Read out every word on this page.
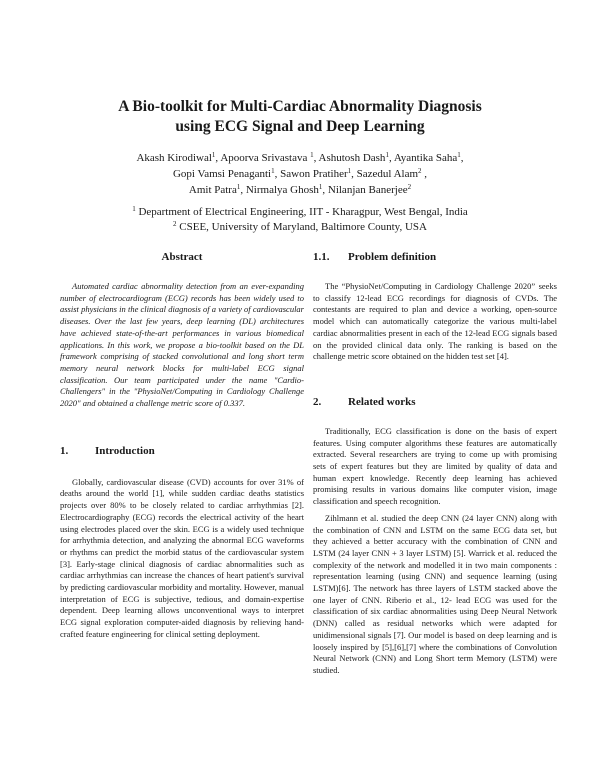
A Bio-toolkit for Multi-Cardiac Abnormality Diagnosis
using ECG Signal and Deep Learning
Akash Kirodiwal$^1$, Apoorva Srivastava $^1$, Ashutosh Dash$^1$, Ayantika Saha$^1$,
Gopi Vamsi Penaganti$^1$, Sawon Pratiher$^1$, Sazedul Alam$^2$ ,
Amit Patra$^1$, Nirmalya Ghosh$^1$, Nilanjan Banerjee$^2$
$^1$ Department of Electrical Engineering, IIT - Kharagpur, West Bengal, India
$^2$ CSEE, University of Maryland, Baltimore County, USA
Abstract
Automated cardiac abnormality detection from an ever-expanding number of electrocardiogram (ECG) records has been widely used to assist physicians in the clinical diagnosis of a variety of cardiovascular diseases. Over the last few years, deep learning (DL) architectures have achieved state-of-the-art performances in various biomedical applications. In this work, we propose a bio-toolkit based on the DL framework comprising of stacked convolutional and long short term memory neural network blocks for multi-label ECG signal classification. Our team participated under the name "Cardio-Challengers" in the "PhysioNet/Computing in Cardiology Challenge 2020" and obtained a challenge metric score of 0.337.
1. Introduction
Globally, cardiovascular disease (CVD) accounts for over 31% of deaths around the world [1], while sudden cardiac deaths statistics projects over 80% to be closely related to cardiac arrhythmias [2]. Electrocardiography (ECG) records the electrical activity of the heart using electrodes placed over the skin. ECG is a widely used technique for arrhythmia detection, and analyzing the abnormal ECG waveforms or rhythms can predict the morbid status of the cardiovascular system [3]. Early-stage clinical diagnosis of cardiac abnormalities such as cardiac arrhythmias can increase the chances of heart patient's survival by predicting cardiovascular morbidity and mortality. However, manual interpretation of ECG is subjective, tedious, and domain-expertise dependent. Deep learning allows unconventional ways to interpret ECG signal exploration computer-aided diagnosis by relieving hand-crafted feature engineering for clinical setting deployment.
1.1. Problem definition
The “PhysioNet/Computing in Cardiology Challenge 2020” seeks to classify 12-lead ECG recordings for diagnosis of CVDs. The contestants are required to plan and device a working, open-source model which can automatically categorize the various multi-label cardiac abnormalities present in each of the 12-lead ECG signals based on the provided clinical data only. The ranking is based on the challenge metric score obtained on the hidden test set [4].
2. Related works
Traditionally, ECG classification is done on the basis of expert features. Using computer algorithms these features are automatically extracted. Several researchers are trying to come up with promising sets of expert features but they are limited by quality of data and human expert knowledge. Recently deep learning has achieved promising results in various domains like computer vision, image classification and speech recognition.
Zihlmann et al. studied the deep CNN (24 layer CNN) along with the combination of CNN and LSTM on the same ECG data set, but they achieved a better accuracy with the combination of CNN and LSTM (24 layer CNN + 3 layer LSTM) [5]. Warrick et al. reduced the complexity of the network and modelled it in two main components : representation learning (using CNN) and sequence learning (using LSTM)[6]. The network has three layers of LSTM stacked above the one layer of CNN. Riberio et al., 12- lead ECG was used for the classification of six cardiac abnormalities using Deep Neural Network (DNN) called as residual networks which were adapted for unidimensional signals [7]. Our model is based on deep learning and is loosely inspired by [5],[6],[7] where the combinations of Convolution Neural Network (CNN) and Long Short term Memory (LSTM) were studied.
